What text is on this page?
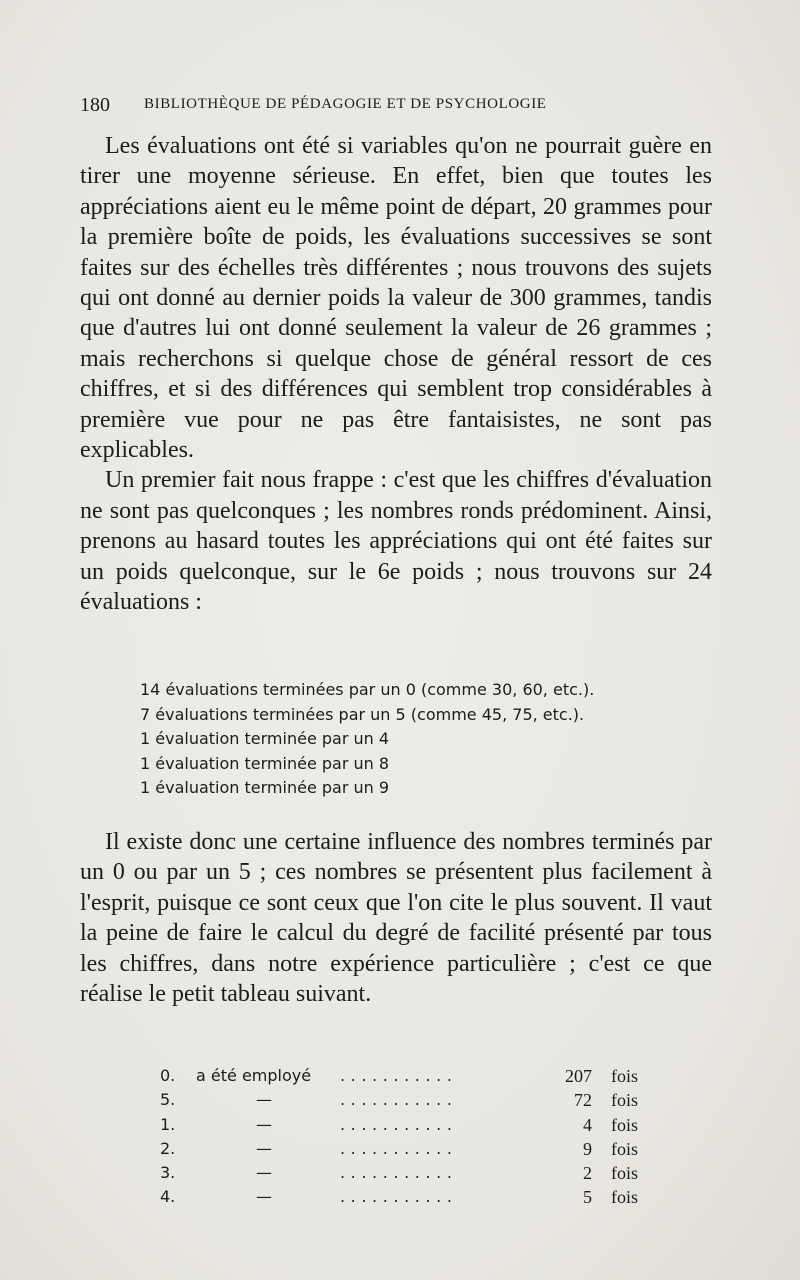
180 BIBLIOTHÈQUE DE PÉDAGOGIE ET DE PSYCHOLOGIE

Les évaluations ont été si variables qu'on ne pourrait guère en tirer une moyenne sérieuse. En effet, bien que toutes les appréciations aient eu le même point de départ, 20 grammes pour la première boîte de poids, les évaluations successives se sont faites sur des échelles très différentes ; nous trouvons des sujets qui ont donné au dernier poids la valeur de 300 grammes, tandis que d'autres lui ont donné seulement la valeur de 26 grammes ; mais recherchons si quelque chose de général ressort de ces chiffres, et si des différences qui semblent trop considérables à première vue pour ne pas être fantaisistes, ne sont pas explicables.

Un premier fait nous frappe : c'est que les chiffres d'évaluation ne sont pas quelconques ; les nombres ronds prédominent. Ainsi, prenons au hasard toutes les appréciations qui ont été faites sur un poids quelconque, sur le 6e poids ; nous trouvons sur 24 évaluations :

14 évaluations terminées par un 0 (comme 30, 60, etc.).
7 évaluations terminées par un 5 (comme 45, 75, etc.).
1 évaluation terminée par un 4
1 évaluation terminée par un 8
1 évaluation terminée par un 9

Il existe donc une certaine influence des nombres terminés par un 0 ou par un 5 ; ces nombres se présentent plus facilement à l'esprit, puisque ce sont ceux que l'on cite le plus souvent. Il vaut la peine de faire le calcul du degré de facilité présenté par tous les chiffres, dans notre expérience particulière ; c'est ce que réalise le petit tableau suivant.

0. a été employé ...........	207 fois
5.	—	...........	72 fois
1.	—	...........	4 fois
2.	—	...........	9 fois
3.	—	...........	2 fois
4.	—	...........	5 fois
